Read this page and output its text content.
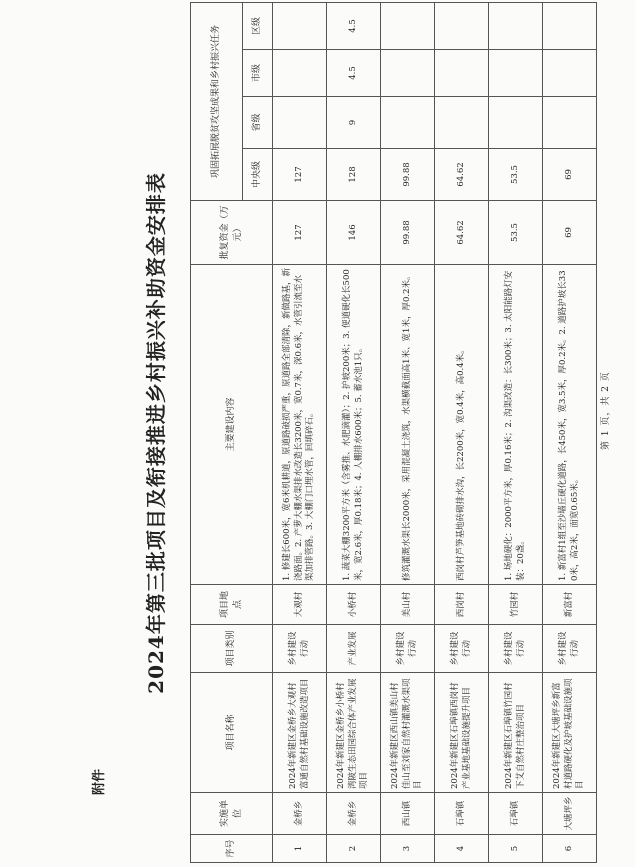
附件
2024年第三批项目及衔接推进乡村振兴补助资金安排表
序号	实施单位	项目名称	项目类别	项目地点	主要建设内容	批复资金（万元）	巩固拓展脱贫攻坚成果和乡村振兴任务			
							中央级	省级	市级	区级
1	金桥乡	2024年新建区金桥乡大观村富通自然村基础设施改造项目	乡村建设行动	大观村	1. 修建长600米，宽6米机耕道，原道路破损严重，原道路全部清除，新做路基，新浇路面。2. 产萝大棚水渠排水改造长3200米，宽0.7米，深0.6米，水管引流至水渠加排管路。3. 大棚门口埋水管，回填碎石。	127	127			
2	金桥乡	2024年新建区金桥乡小桥村湾陂生态田园综合体产业发展项目	产业发展	小桥村	1. 蔬菜大棚3200平方米（含雾推、水肥滴灌）；2. 护坡200米；3. 便道硬化长500米，宽2.6米，厚0.18米；4. 人棚排水600米；5. 蓄水池1只。	146	128	9	4.5	4.5
3	西山镇	2024年新建区西山镇美山村佳山至刘家自然村灌溉水渠项目	乡村建设行动	美山村	修筑灌溉水渠长2000米，采用混凝土浇筑，水渠横截面高1米、宽1米，厚0.2米。	99.88	99.88			
4	石埠镇	2024年新建区石埠镇西岗村产业基地基础设施提升项目	乡村建设行动	西岗村	西岗村芦笋基地砖砌排水沟，长2200米，宽0.4米，高0.4米。	64.62	64.62			
5	石埠镇	2024年新建区石埠镇竹园村下艾自然村庄整治项目	乡村建设行动	竹园村	1. 场地硬化：2000平方米，厚0.16米；2. 沟渠改造：长300米；3. 太阳能路灯安装：20盏。	53.5	53.5			
6	大塘坪乡	2024年新建区大塘坪乡新富村道路硬化及护坡基础设施项目	乡村建设行动	新富村	1. 新富村1组至沙墙丘硬化道路，长450米，宽3.5米，厚0.2米。2. 道路护坡长330米，高2米，面宽0.65米。	69	69			
第 1 页，共 2 页
